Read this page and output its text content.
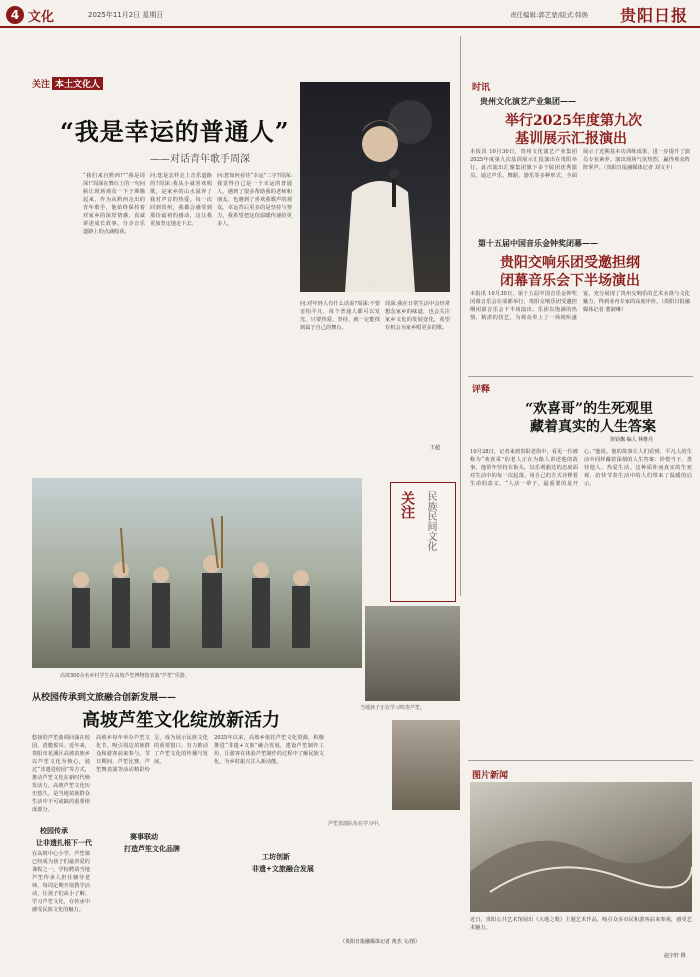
4 文化	2025年11月2日 星期日	责任编辑:郭艺蒙/版式:韩焕 贵阳日报
关注 本土文化人
“我是幸运的普通人”
——对话青年歌手周深
周深
“我们来自黔西!”“我是周深!”周深在舞台上的一句问候让现场观众一下子沸腾起来。作为从黔西走出的青年歌手，他始终保持着对家乡的深厚情感，真诚讲述成长故事，分享音乐道路上的点滴收获。
问:您是怎样走上音乐道路的?周深:我从小就喜欢唱歌，是家乡的山水滋养了我对声音的热爱。每一次回到贵州，我都会感受到那份最初的感动，这让我更加坚定地走下去。
问:您如何看待“幸运”二字?周深:我觉得自己是一个幸运的普通人，遇到了很多帮助我的老师和朋友，也遇到了喜欢我歌声的观众。幸运背后更多的是坚持与努力，我希望把这份温暖传递给更多人。
问:对年轻人有什么话说?周深:不要害怕平凡，每个普通人都可以发光。只要热爱、坚持，就一定能找到属于自己的舞台。
周深:我在日常生活中会经常想念家乡的味道，也会关注家乡文化的发展变化，希望有机会为家乡唱更多的歌。
王超
时讯
贵州文化演艺产业集团——
举行2025年度第九次
基训展示汇报演出
本报讯 10月30日，贵州文化演艺产业集团2025年度第九次基训展示汇报演出在贵阳举行。此次演出汇聚集团旗下多个院团优秀演员，通过声乐、舞蹈、器乐等多种形式，全面展示了近期基本功训练成果，进一步提升了演员专业素养。演出现场气氛热烈，赢得观众阵阵掌声。（贵阳日报融媒体记者 刘文丰）
第十五届中国音乐金钟奖闭幕——
贵阳交响乐团受邀担纲
闭幕音乐会下半场演出
本报讯 10月30日，第十五届中国音乐金钟奖闭幕音乐会在成都举行，贵阳交响乐团受邀担纲闭幕音乐会下半场演出。乐团以饱满的热情、精湛的技艺，为观众奉上了一场视听盛宴，充分展现了贵州交响乐的艺术水准与文化魅力，得到业内专家的高度评价。（贵阳日报融媒体记者 董淑琳）
评释
“欢喜哥”的生死观里
藏着真实的人生答案
徐钧飘 编人 林维丹
10月28日，记者来到贵阳老街中，看见一位被称为“欢喜哥”的老人正在为路人讲述他的故事。他常年坚持在街头，以乐观豁达的态度面对生活中的每一次起落，用自己的方式诠释着生命的意义。“人活一辈子，最重要的是开心。”他说。他的故事让人们看到，平凡人的生活中同样藏着深刻的人生答案：珍惜当下、善待他人、热爱生活。这种质朴而真实的生死观，给快节奏生活中的人们带来了温暖的启示。
关注 民族民间文化
高坡300余名乡村学生在高坡芦笙博物馆表演“芦笙”乐器。
当地孩子正在学习吹奏芦笙。
芦笙表演队伍在学习中。
从校园传承到文旅融合创新发展——
高坡芦笙文化绽放新活力
悠扬的芦笙曲调回荡在校园，清脆悦耳。近年来，贵阳市花溪区高坡苗族乡以芦笙文化为核心，通过“非遗进校园”等方式，推动芦笙文化在新时代焕发活力。高坡芦笙文化历史悠久，是当地苗族群众生活中不可或缺的重要组成部分。
校园传承
让非遗扎根下一代
在高坡中心小学，芦笙课已经成为孩子们最喜爱的课程之一。学校聘请当地芦笙传承人担任辅导老师，每周定期开展教学活动，让孩子们从小了解、学习芦笙文化，在传承中感受民族文化的魅力。
高坡乡每年举办芦笙文化节，吸引周边苗族群众和游客前来参与。节日期间，芦笙比赛、芦笙舞表演等活动精彩纷呈，成为展示民族文化的重要窗口，有力推动了芦笙文化的传播与发展。
赛事联动
打造芦笙文化品牌
工坊创新
非遗+文旅融合发展
2025年以来，高坡乡依托芦笙文化资源，积极推进“非遗+文旅”融合发展，建设芦笙制作工坊，让游客在体验芦笙制作的过程中了解民族文化，为乡村振兴注入新动能。
（贵阳日报融媒体记者 黄杰 文/图）
图片新闻
近日，贵阳公共艺术馆展出《大地之歌》主题艺术作品，吸引众多市民和游客前来参观，感受艺术魅力。
赵宇轩 摄
